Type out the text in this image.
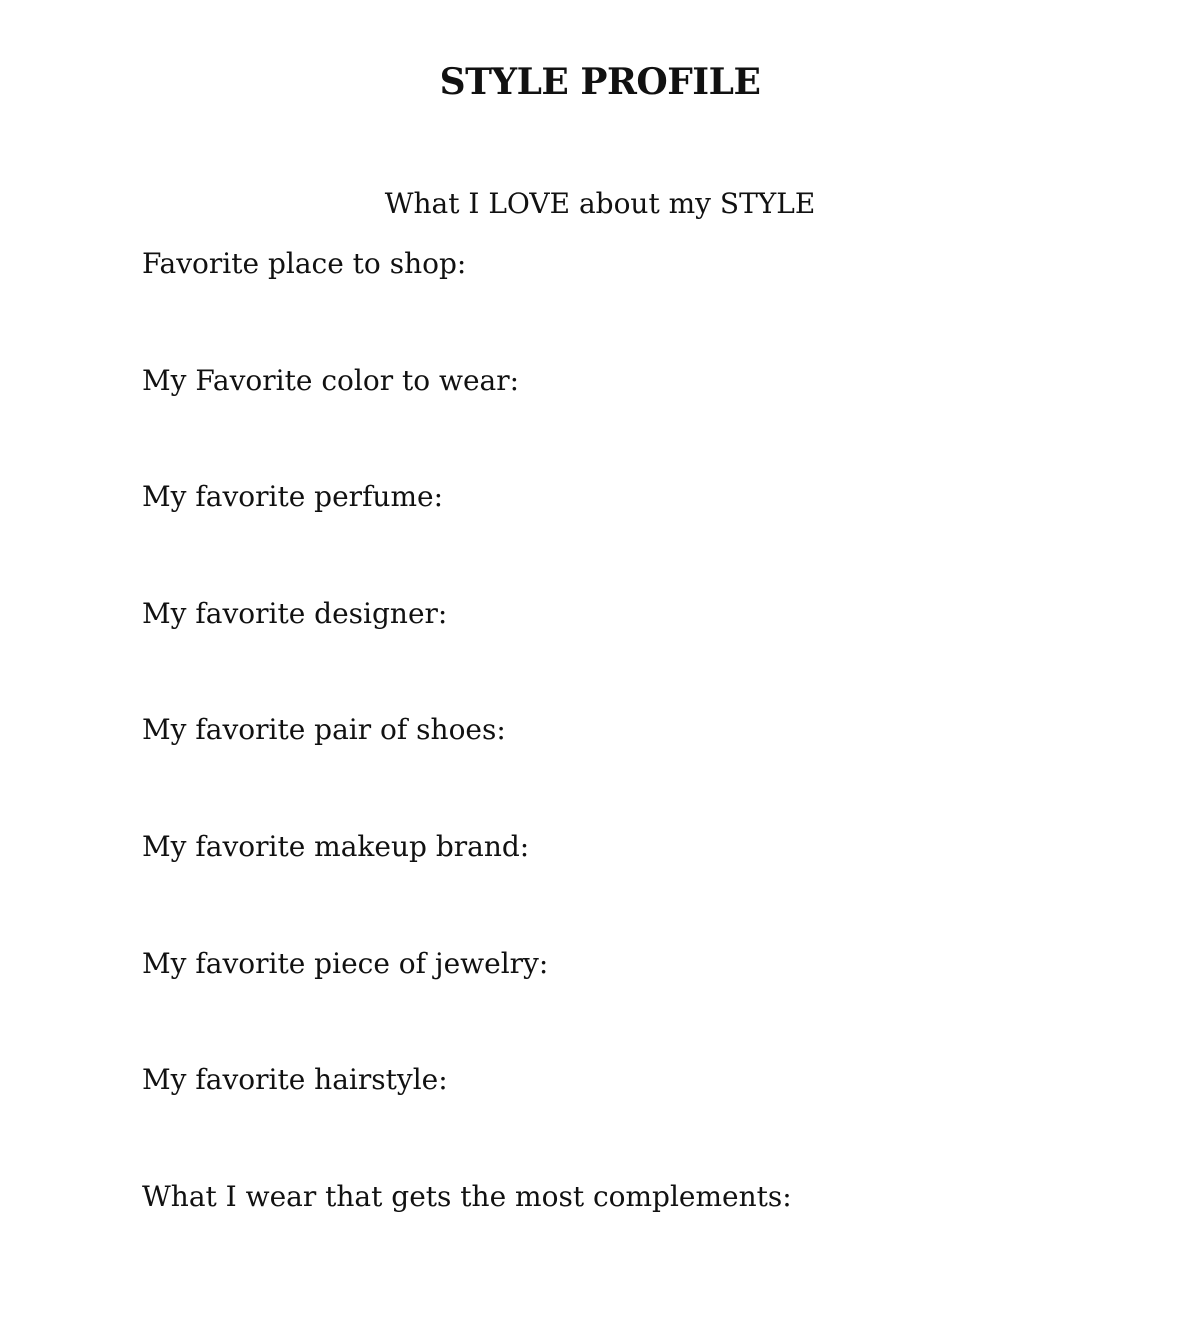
STYLE PROFILE
What I LOVE about my STYLE
Favorite place to shop:
My Favorite color to wear:
My favorite perfume:
My favorite designer:
My favorite pair of shoes:
My favorite makeup brand:
My favorite piece of jewelry:
My favorite hairstyle:
What I wear that gets the most complements:
